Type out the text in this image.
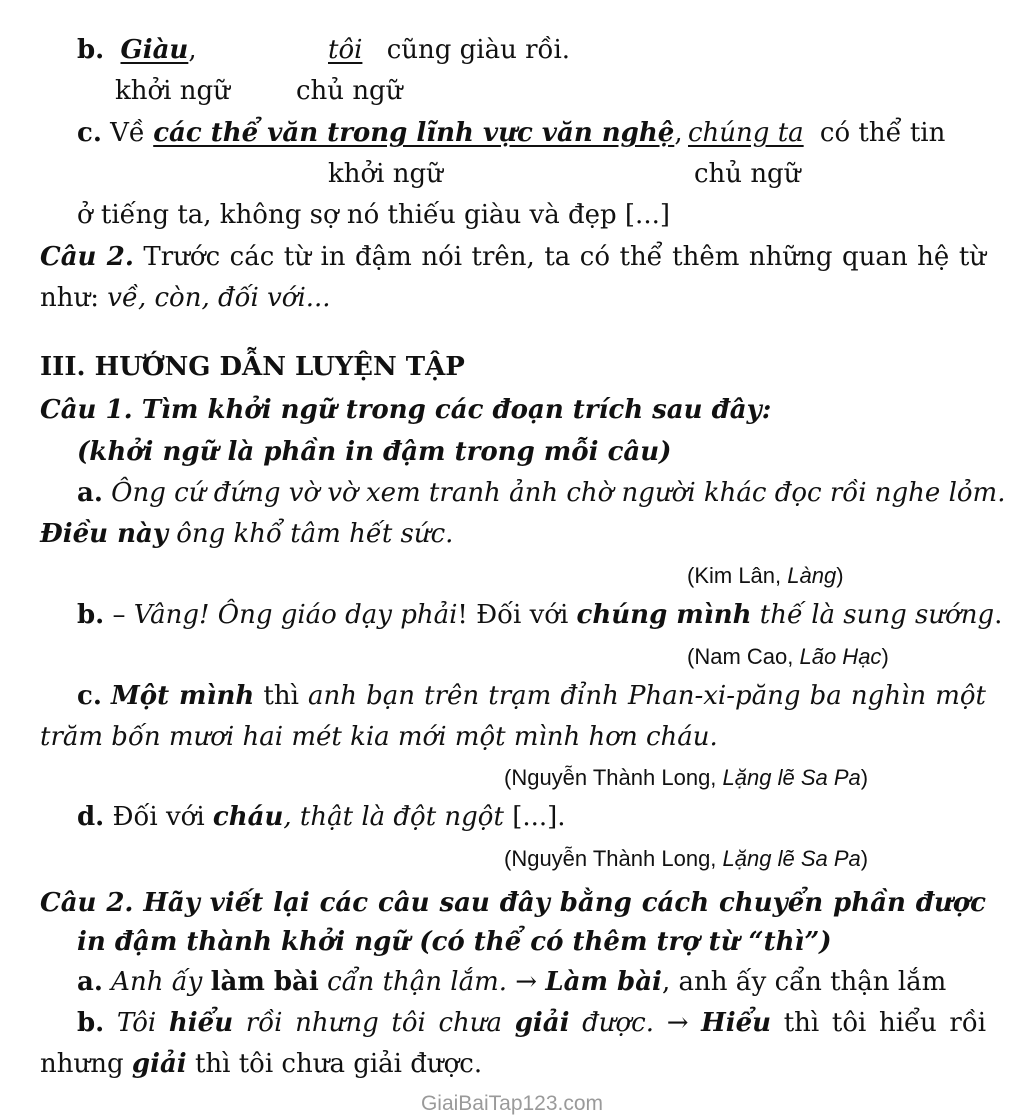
b. Giàu,	tôi cũng giàu rồi.
khởi ngữ	chủ ngữ
c. Về các thể văn trong lĩnh vực văn nghệ, chúng ta có thể tin
khởi ngữ	chủ ngữ
ở tiếng ta, không sợ nó thiếu giàu và đẹp [...]
Câu 2. Trước các từ in đậm nói trên, ta có thể thêm những quan hệ từ
như: về, còn, đối với...
III. HƯỚNG DẪN LUYỆN TẬP
Câu 1. Tìm khởi ngữ trong các đoạn trích sau đây:
(khởi ngữ là phần in đậm trong mỗi câu)
a. Ông cứ đứng vờ vờ xem tranh ảnh chờ người khác đọc rồi nghe lỏm.
Điều này ông khổ tâm hết sức.
(Kim Lân, Làng)
b. – Vâng! Ông giáo dạy phải! Đối với chúng mình thế là sung sướng.
(Nam Cao, Lão Hạc)
c. Một mình thì anh bạn trên trạm đỉnh Phan-xi-păng ba nghìn một
trăm bốn mươi hai mét kia mới một mình hơn cháu.
(Nguyễn Thành Long, Lặng lẽ Sa Pa)
d. Đối với cháu, thật là đột ngột [...].
(Nguyễn Thành Long, Lặng lẽ Sa Pa)
Câu 2. Hãy viết lại các câu sau đây bằng cách chuyển phần được
in đậm thành khởi ngữ (có thể có thêm trợ từ “thì”)
a. Anh ấy làm bài cẩn thận lắm. → Làm bài, anh ấy cẩn thận lắm
b. Tôi hiểu rồi nhưng tôi chưa giải được. → Hiểu thì tôi hiểu rồi
nhưng giải thì tôi chưa giải được.
GiaiBaiTap123.com
